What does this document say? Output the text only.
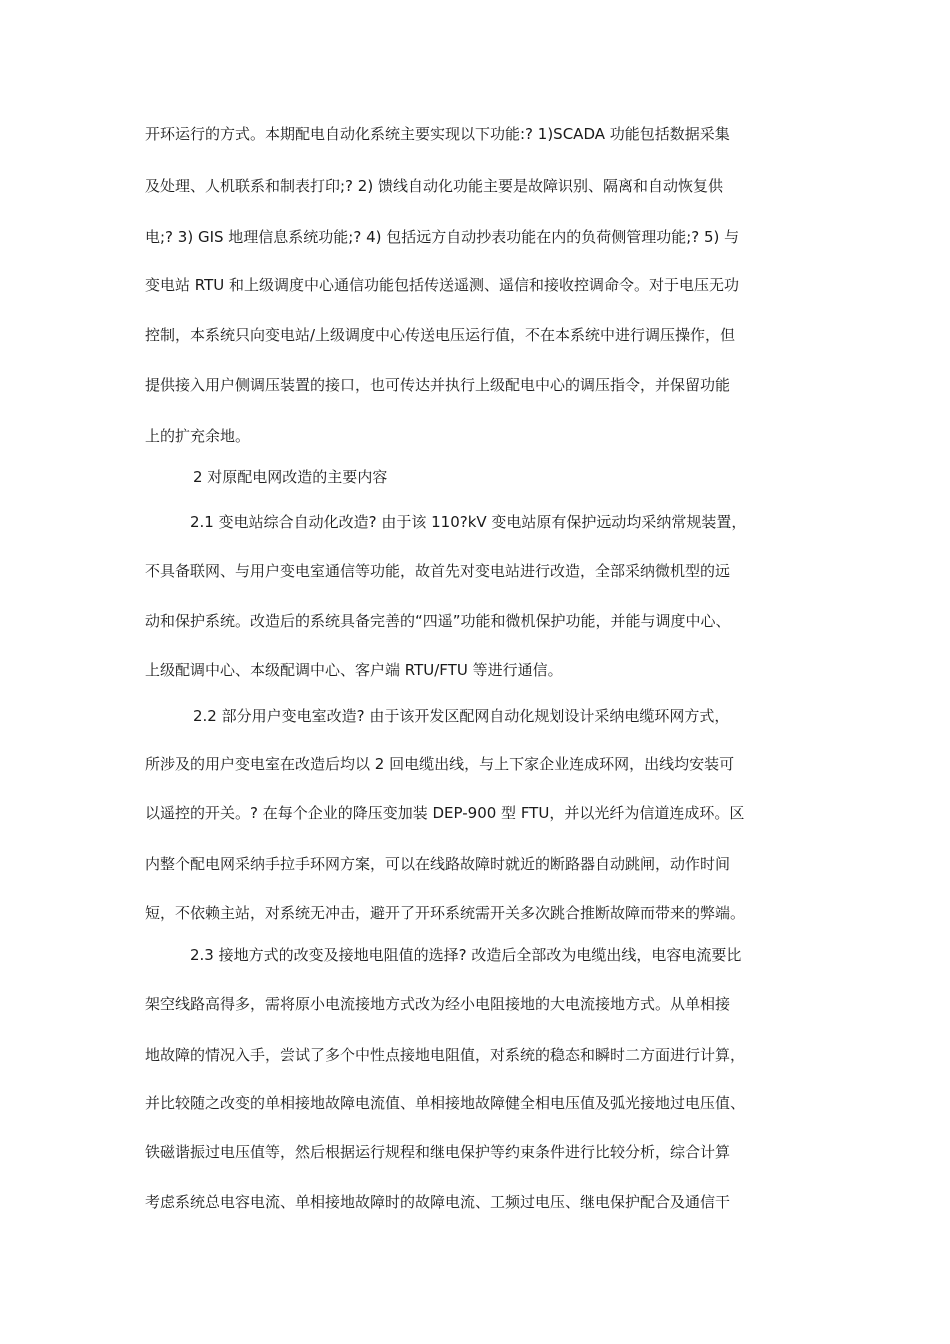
开环运行的方式。本期配电自动化系统主要实现以下功能:? 1)SCADA 功能包括数据采集
及处理、人机联系和制表打印;? 2) 馈线自动化功能主要是故障识别、隔离和自动恢复供
电;? 3) GIS 地理信息系统功能;? 4) 包括远方自动抄表功能在内的负荷侧管理功能;? 5) 与
变电站 RTU 和上级调度中心通信功能包括传送遥测、遥信和接收控调命令。对于电压无功
控制，本系统只向变电站/上级调度中心传送电压运行值，不在本系统中进行调压操作，但
提供接入用户侧调压装置的接口，也可传达并执行上级配电中心的调压指令，并保留功能
上的扩充余地。
2 对原配电网改造的主要内容
2.1 变电站综合自动化改造? 由于该 110?kV 变电站原有保护远动均采纳常规装置，
不具备联网、与用户变电室通信等功能，故首先对变电站进行改造，全部采纳微机型的远
动和保护系统。改造后的系统具备完善的“四遥”功能和微机保护功能，并能与调度中心、
上级配调中心、本级配调中心、客户端 RTU/FTU 等进行通信。
2.2 部分用户变电室改造? 由于该开发区配网自动化规划设计采纳电缆环网方式，
所涉及的用户变电室在改造后均以 2 回电缆出线，与上下家企业连成环网，出线均安装可
以遥控的开关。? 在每个企业的降压变加装 DEP-900 型 FTU，并以光纤为信道连成环。区
内整个配电网采纳手拉手环网方案，可以在线路故障时就近的断路器自动跳闸，动作时间
短，不依赖主站，对系统无冲击，避开了开环系统需开关多次跳合推断故障而带来的弊端。
2.3 接地方式的改变及接地电阻值的选择? 改造后全部改为电缆出线，电容电流要比
架空线路高得多，需将原小电流接地方式改为经小电阻接地的大电流接地方式。从单相接
地故障的情况入手，尝试了多个中性点接地电阻值，对系统的稳态和瞬时二方面进行计算，
并比较随之改变的单相接地故障电流值、单相接地故障健全相电压值及弧光接地过电压值、
铁磁谐振过电压值等，然后根据运行规程和继电保护等约束条件进行比较分析，综合计算
考虑系统总电容电流、单相接地故障时的故障电流、工频过电压、继电保护配合及通信干
